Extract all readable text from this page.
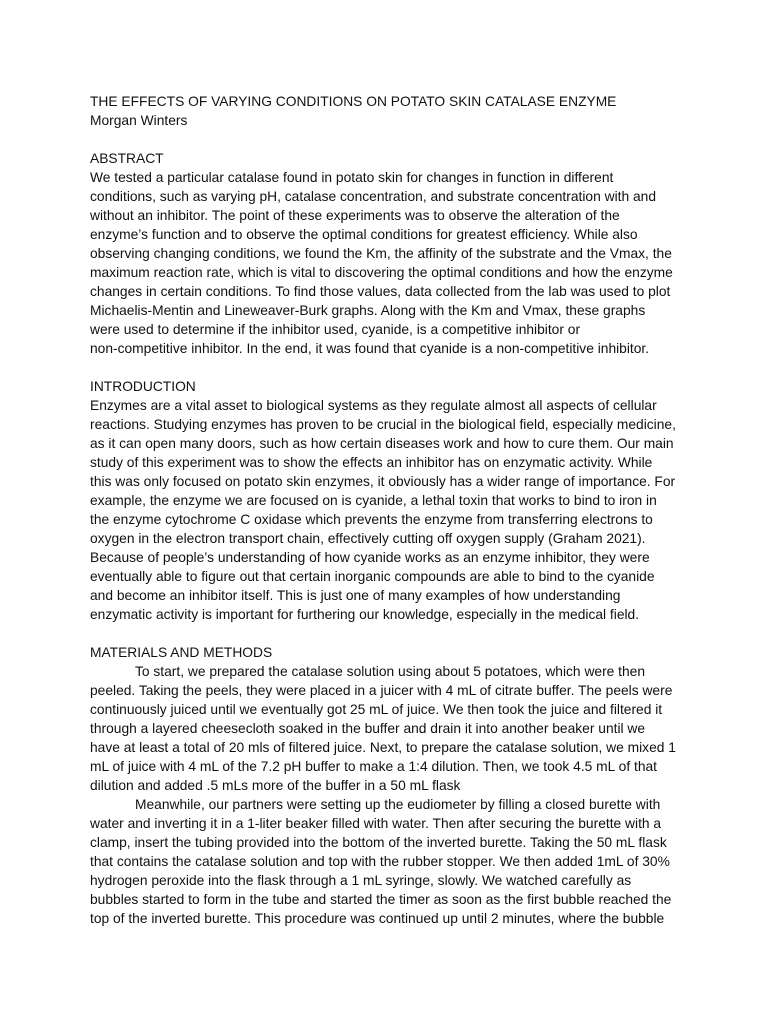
THE EFFECTS OF VARYING CONDITIONS ON POTATO SKIN CATALASE ENZYME
Morgan Winters
ABSTRACT
We tested a particular catalase found in potato skin for changes in function in different
conditions, such as varying pH, catalase concentration, and substrate concentration with and
without an inhibitor. The point of these experiments was to observe the alteration of the
enzyme’s function and to observe the optimal conditions for greatest efficiency. While also
observing changing conditions, we found the Km, the affinity of the substrate and the Vmax, the
maximum reaction rate, which is vital to discovering the optimal conditions and how the enzyme
changes in certain conditions. To find those values, data collected from the lab was used to plot
Michaelis-Mentin and Lineweaver-Burk graphs. Along with the Km and Vmax, these graphs
were used to determine if the inhibitor used, cyanide, is a competitive inhibitor or
non-competitive inhibitor. In the end, it was found that cyanide is a non-competitive inhibitor.
INTRODUCTION
Enzymes are a vital asset to biological systems as they regulate almost all aspects of cellular
reactions. Studying enzymes has proven to be crucial in the biological field, especially medicine,
as it can open many doors, such as how certain diseases work and how to cure them. Our main
study of this experiment was to show the effects an inhibitor has on enzymatic activity. While
this was only focused on potato skin enzymes, it obviously has a wider range of importance. For
example, the enzyme we are focused on is cyanide, a lethal toxin that works to bind to iron in
the enzyme cytochrome C oxidase which prevents the enzyme from transferring electrons to
oxygen in the electron transport chain, effectively cutting off oxygen supply (Graham 2021).
Because of people’s understanding of how cyanide works as an enzyme inhibitor, they were
eventually able to figure out that certain inorganic compounds are able to bind to the cyanide
and become an inhibitor itself. This is just one of many examples of how understanding
enzymatic activity is important for furthering our knowledge, especially in the medical field.
MATERIALS AND METHODS
To start, we prepared the catalase solution using about 5 potatoes, which were then
peeled. Taking the peels, they were placed in a juicer with 4 mL of citrate buffer. The peels were
continuously juiced until we eventually got 25 mL of juice. We then took the juice and filtered it
through a layered cheesecloth soaked in the buffer and drain it into another beaker until we
have at least a total of 20 mls of filtered juice. Next, to prepare the catalase solution, we mixed 1
mL of juice with 4 mL of the 7.2 pH buffer to make a 1:4 dilution. Then, we took 4.5 mL of that
dilution and added .5 mLs more of the buffer in a 50 mL flask
Meanwhile, our partners were setting up the eudiometer by filling a closed burette with
water and inverting it in a 1-liter beaker filled with water. Then after securing the burette with a
clamp, insert the tubing provided into the bottom of the inverted burette. Taking the 50 mL flask
that contains the catalase solution and top with the rubber stopper. We then added 1mL of 30%
hydrogen peroxide into the flask through a 1 mL syringe, slowly. We watched carefully as
bubbles started to form in the tube and started the timer as soon as the first bubble reached the
top of the inverted burette. This procedure was continued up until 2 minutes, where the bubble
